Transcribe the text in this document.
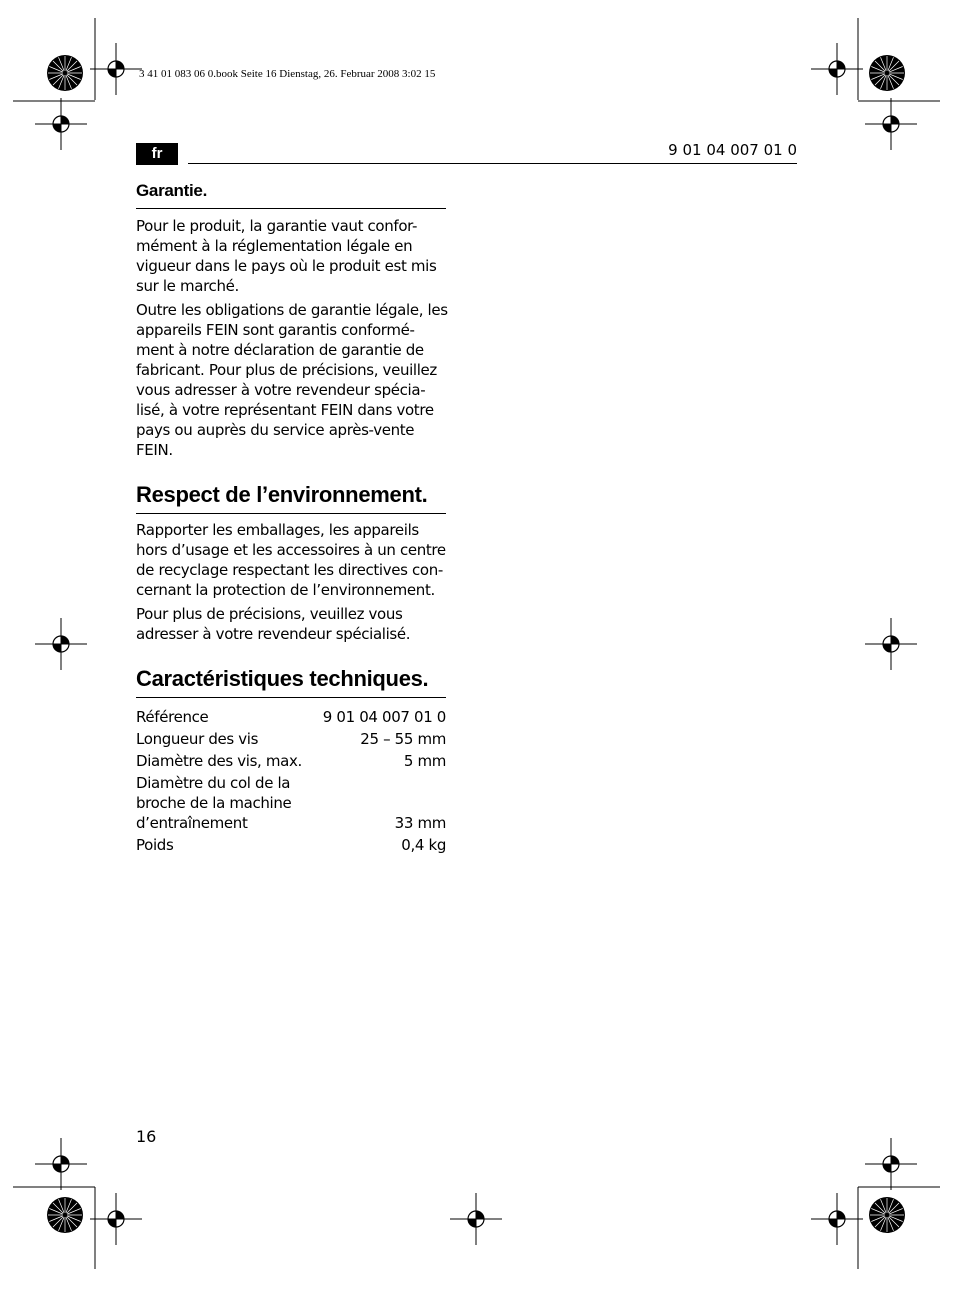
3 41 01 083 06 0.book Seite 16 Dienstag, 26. Februar 2008 3:02 15
fr	9 01 04 007 01 0
Garantie.

Pour le produit, la garantie vaut confor-
mément à la réglementation légale en
vigueur dans le pays où le produit est mis
sur le marché.

Outre les obligations de garantie légale, les
appareils FEIN sont garantis conformé-
ment à notre déclaration de garantie de
fabricant. Pour plus de précisions, veuillez
vous adresser à votre revendeur spécia-
lisé, à votre représentant FEIN dans votre
pays ou auprès du service après-vente
FEIN.

Respect de l’environnement.

Rapporter les emballages, les appareils
hors d’usage et les accessoires à un centre
de recyclage respectant les directives con-
cernant la protection de l’environnement.

Pour plus de précisions, veuillez vous
adresser à votre revendeur spécialisé.

Caractéristiques techniques.
Référence	9 01 04 007 01 0
Longueur des vis	25 – 55 mm
Diamètre des vis, max.	5 mm
Diamètre du col de la
broche de la machine
d’entraînement	33 mm
Poids	0,4 kg
16
